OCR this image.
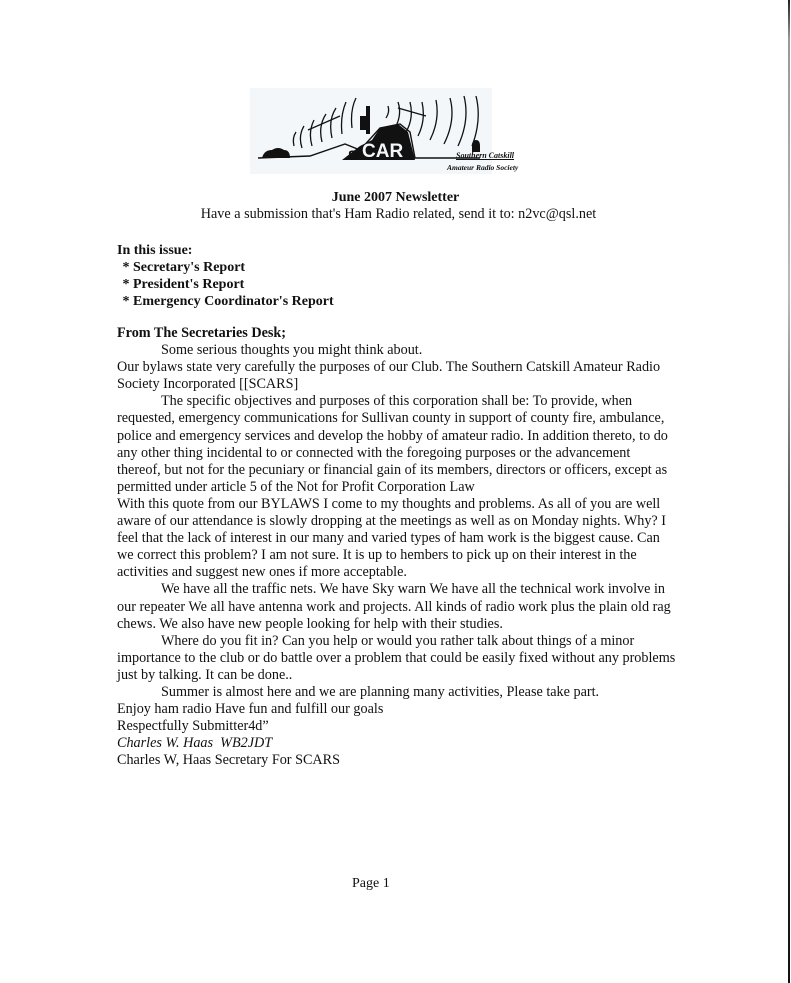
CAR
S	Southern Catskill
Amateur Radio Society
June 2007 Newsletter
Have a submission that's Ham Radio related, send it to: n2vc@qsl.net
In this issue:
* Secretary's Report
* President's Report
* Emergency Coordinator's Report

From The Secretaries Desk;

Some serious thoughts you might think about.

Our bylaws state very carefully the purposes of our Club. The Southern Catskill Amateur Radio Society Incorporated [[SCARS]

The specific objectives and purposes of this corporation shall be: To provide, when requested, emergency communications for Sullivan county in support of county fire, ambulance, police and emergency services and develop the hobby of amateur radio. In addition thereto, to do any other thing incidental to or connected with the foregoing purposes or the advancement thereof, but not for the pecuniary or financial gain of its members, directors or officers, except as permitted under article 5 of the Not for Profit Corporation Law

With this quote from our BYLAWS I come to my thoughts and problems. As all of you are well aware of our attendance is slowly dropping at the meetings as well as on Monday nights. Why? I feel that the lack of interest in our many and varied types of ham work is the biggest cause. Can we correct this problem? I am not sure. It is up to hembers to pick up on their interest in the activities and suggest new ones if more acceptable.

We have all the traffic nets. We have Sky warn We have all the technical work involve in our repeater We all have antenna work and projects. All kinds of radio work plus the plain old rag chews. We also have new people looking for help with their studies.

Where do you fit in? Can you help or would you rather talk about things of a minor importance to the club or do battle over a problem that could be easily fixed without any problems just by talking. It can be done..

Summer is almost here and we are planning many activities, Please take part.

Enjoy ham radio Have fun and fulfill our goals

Respectfully Submitter4d”

Charles W. Haas  WB2JDT

Charles W, Haas Secretary For SCARS

Page 1
